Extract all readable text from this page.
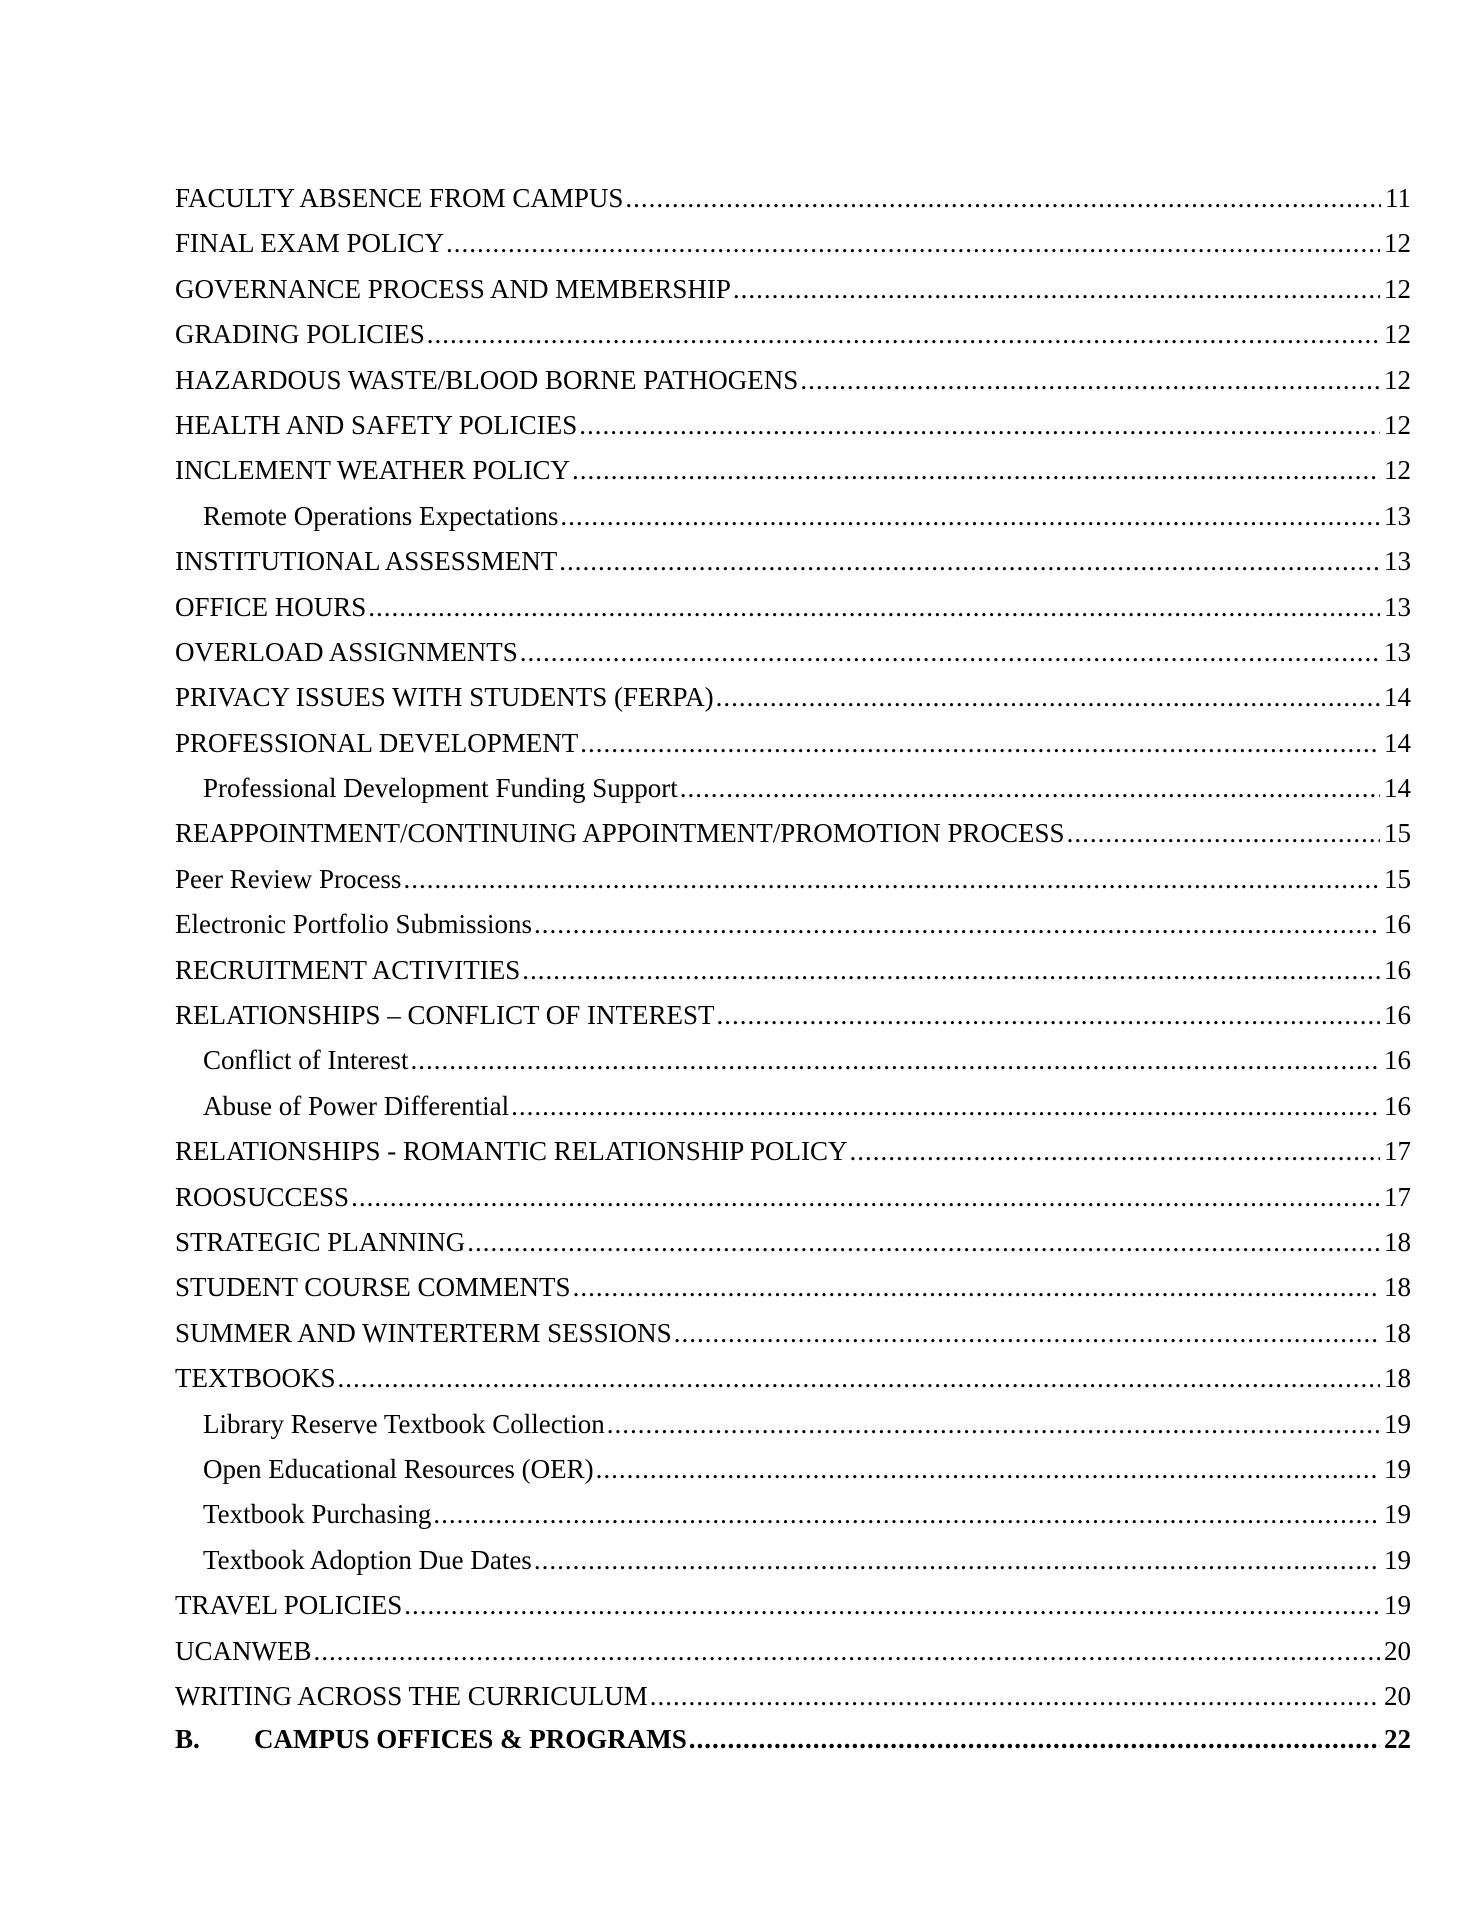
FACULTY ABSENCE FROM CAMPUS .....	11
FINAL EXAM POLICY .....	12
GOVERNANCE PROCESS AND MEMBERSHIP .....	12
GRADING POLICIES .....	12
HAZARDOUS WASTE/BLOOD BORNE PATHOGENS .....	12
HEALTH AND SAFETY POLICIES .....	12
INCLEMENT WEATHER POLICY .....	12
Remote Operations Expectations .....	13
INSTITUTIONAL ASSESSMENT .....	13
OFFICE HOURS .....	13
OVERLOAD ASSIGNMENTS .....	13
PRIVACY ISSUES WITH STUDENTS (FERPA) .....	14
PROFESSIONAL DEVELOPMENT .....	14
Professional Development Funding Support .....	14
REAPPOINTMENT/CONTINUING APPOINTMENT/PROMOTION PROCESS .....	15
Peer Review Process .....	15
Electronic Portfolio Submissions .....	16
RECRUITMENT ACTIVITIES .....	16
RELATIONSHIPS – CONFLICT OF INTEREST .....	16
Conflict of Interest .....	16
Abuse of Power Differential .....	16
RELATIONSHIPS - ROMANTIC RELATIONSHIP POLICY .....	17
ROOSUCCESS .....	17
STRATEGIC PLANNING .....	18
STUDENT COURSE COMMENTS .....	18
SUMMER AND WINTERTERM SESSIONS .....	18
TEXTBOOKS .....	18
Library Reserve Textbook Collection .....	19
Open Educational Resources (OER) .....	19
Textbook Purchasing .....	19
Textbook Adoption Due Dates .....	19
TRAVEL POLICIES .....	19
UCANWEB .....	20
WRITING ACROSS THE CURRICULUM .....	20
B.	CAMPUS OFFICES & PROGRAMS .....	22
